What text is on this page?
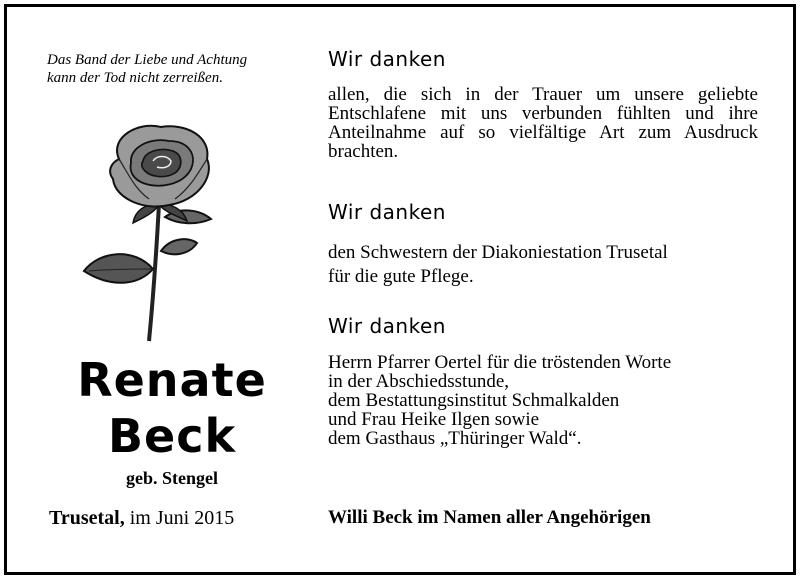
Das Band der Liebe und Achtung
kann der Tod nicht zerreißen.
Renate
Beck
geb. Stengel
Trusetal, im Juni 2015
Wir danken
allen, die sich in der Trauer um unsere geliebte Entschlafene mit uns verbunden fühlten und ihre Anteilnahme auf so vielfältige Art zum Ausdruck brachten.
Wir danken
den Schwestern der Diakoniestation Trusetal
für die gute Pflege.
Wir danken
Herrn Pfarrer Oertel für die tröstenden Worte
in der Abschiedsstunde,
dem Bestattungsinstitut Schmalkalden
und Frau Heike Ilgen sowie
dem Gasthaus „Thüringer Wald“.
Willi Beck im Namen aller Angehörigen
